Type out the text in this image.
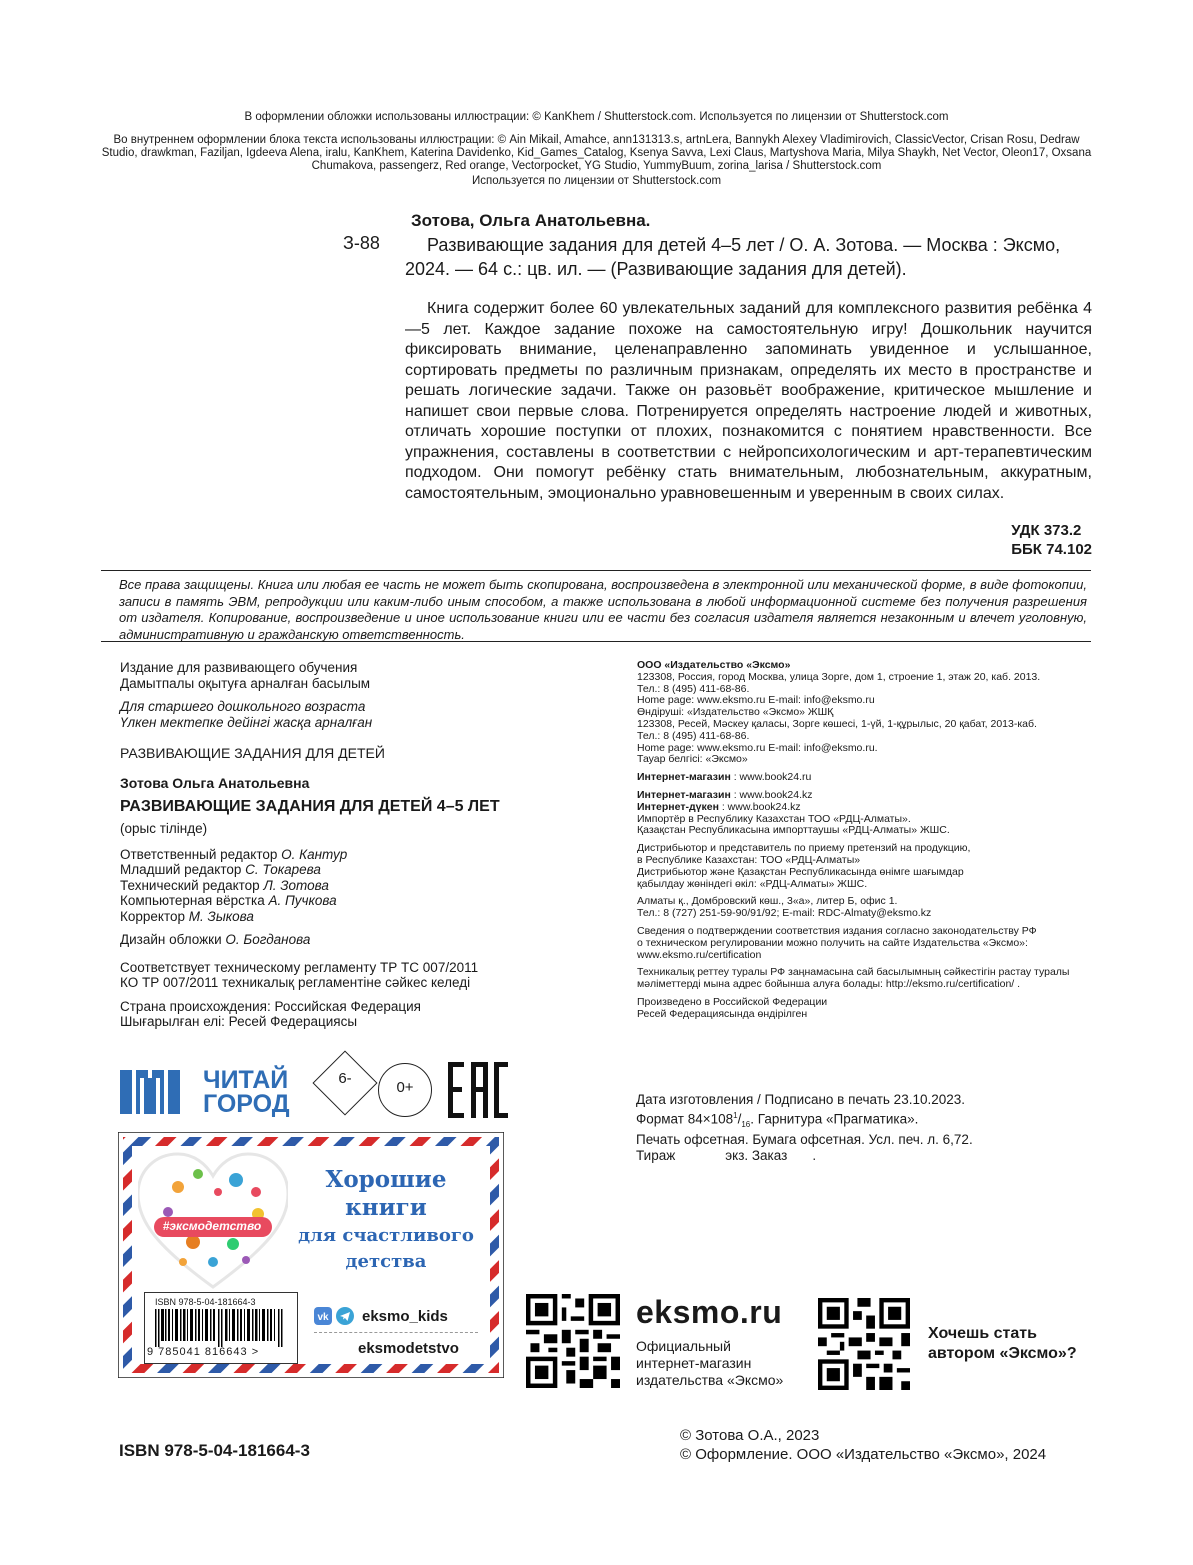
В оформлении обложки использованы иллюстрации: © KanKhem / Shutterstock.com. Используется по лицензии от Shutterstock.com
Во внутреннем оформлении блока текста использованы иллюстрации: © Ain Mikail, Amahce, ann131313.s, artnLera, Bannykh Alexey Vladimirovich, ClassicVector, Crisan Rosu, Dedraw Studio, drawkman, Faziljan, Igdeeva Alena, iralu, KanKhem, Katerina Davidenko, Kid_Games_Catalog, Ksenya Savva, Lexi Claus, Martyshova Maria, Milya Shaykh, Net Vector, Oleon17, Oxsana Chumakova, passengerz, Red orange, Vectorpocket, YG Studio, YummyBuum, zorina_larisa / Shutterstock.com
Используется по лицензии от Shutterstock.com
Зотова, Ольга Анатольевна.
З-88	Развивающие задания для детей 4–5 лет / О. А. Зотова. — Москва : Эксмо, 2024. — 64 с.: цв. ил. — (Развивающие задания для детей).
Книга содержит более 60 увлекательных заданий для комплексного развития ребёнка 4—5 лет. Каждое задание похоже на самостоятельную игру! Дошкольник научится фиксировать внимание, целенаправленно запоминать увиденное и услышанное, сортировать предметы по различным признакам, определять их место в пространстве и решать логические задачи. Также он разовьёт воображение, критическое мышление и напишет свои первые слова. Потренируется определять настроение людей и животных, отличать хорошие поступки от плохих, познакомится с понятием нравственности. Все упражнения, составлены в соответствии с нейропсихологическим и арт-терапевтическим подходом. Они помогут ребёнку стать внимательным, любознательным, аккуратным, самостоятельным, эмоционально уравновешенным и уверенным в своих силах.
УДК 373.2
ББК 74.102
Все права защищены. Книга или любая ее часть не может быть скопирована, воспроизведена в электронной или механической форме, в виде фотокопии, записи в память ЭВМ, репродукции или каким-либо иным способом, а также использована в любой информационной системе без получения разрешения от издателя. Копирование, воспроизведение и иное использование книги или ее части без согласия издателя является незаконным и влечет уголовную, административную и гражданскую ответственность.

Издание для развивающего обучения

Дамытпалы оқытуға арналған басылым

Для старшего дошкольного возраста

Үлкен мектепке дейінгі жасқа арналған

РАЗВИВАЮЩИЕ ЗАДАНИЯ ДЛЯ ДЕТЕЙ

Зотова Ольга Анатольевна

РАЗВИВАЮЩИЕ ЗАДАНИЯ ДЛЯ ДЕТЕЙ 4–5 ЛЕТ

(орыс тілінде)

Ответственный редактор О. Кантур

Младший редактор С. Токарева

Технический редактор Л. Зотова

Компьютерная вёрстка А. Пучкова

Корректор М. Зыкова

Дизайн обложки О. Богданова

Соответствует техническому регламенту ТР ТС 007/2011

КО ТР 007/2011 техникалық регламентіне сәйкес келеді

Страна происхождения: Российская Федерация

Шығарылған елі: Ресей Федерациясы

ООО «Издательство «Эксмо»

123308, Россия, город Москва, улица Зорге, дом 1, строение 1, этаж 20, каб. 2013.

Тел.: 8 (495) 411-68-86.

Home page: www.eksmo.ru E-mail: info@eksmo.ru

Өндіруші: «Издательство «Эксмо» ЖШҚ

123308, Ресей, Мәскеу қаласы, Зорге көшесі, 1-үй, 1-құрылыс, 20 қабат, 2013-каб.

Тел.: 8 (495) 411-68-86.

Home page: www.eksmo.ru E-mail: info@eksmo.ru.

Тауар белгісі: «Эксмо»

Интернет-магазин : www.book24.ru

Интернет-магазин : www.book24.kz

Интернет-дүкен : www.book24.kz

Импортёр в Республику Казахстан ТОО «РДЦ-Алматы».

Қазақстан Республикасына импорттаушы «РДЦ-Алматы» ЖШС.

Дистрибьютор и представитель по приему претензий на продукцию,

в Республике Казахстан: ТОО «РДЦ-Алматы»

Дистрибьютор және Қазақстан Республикасында өнімге шағымдар

қабылдау жөніндегі өкіл: «РДЦ-Алматы» ЖШС.

Алматы қ., Домбровский көш., 3«а», литер Б, офис 1.

Тел.: 8 (727) 251-59-90/91/92; E-mail: RDC-Almaty@eksmo.kz

Сведения о подтверждении соответствия издания согласно законодательству РФ

о техническом регулировании можно получить на сайте Издательства «Эксмо»:

www.eksmo.ru/certification

Техникалық реттеу туралы РФ заңнамасына сай басылымның сәйкестігін растау туралы

мәліметтерді мына адрес бойынша алуға болады: http://eksmo.ru/certification/ .

Произведено в Российской Федерации

Ресей Федерациясында өндірілген

Дата изготовления / Подписано в печать 23.10.2023.
Формат $84\times 108^1/_{16}$. Гарнитура «Прагматика».
Печать офсетная. Бумага офсетная. Усл. печ. л. 6,72.
Тираж	экз. Заказ .
ЧИТАЙ
ГОРОД
6-
0+
#эксмодетство
Хорошие
книги
для счастливого
детства
ISBN 978-5-04-181664-3
9 785041 816643 >
vk eksmo_kids
eksmodetstvo
eksmo.ru
Официальный
интернет-магазин
издательства «Эксмо»
Хочешь стать
автором «Эксмо»?
ISBN 978-5-04-181664-3
© Зотова О.А., 2023
© Оформление. ООО «Издательство «Эксмо», 2024
